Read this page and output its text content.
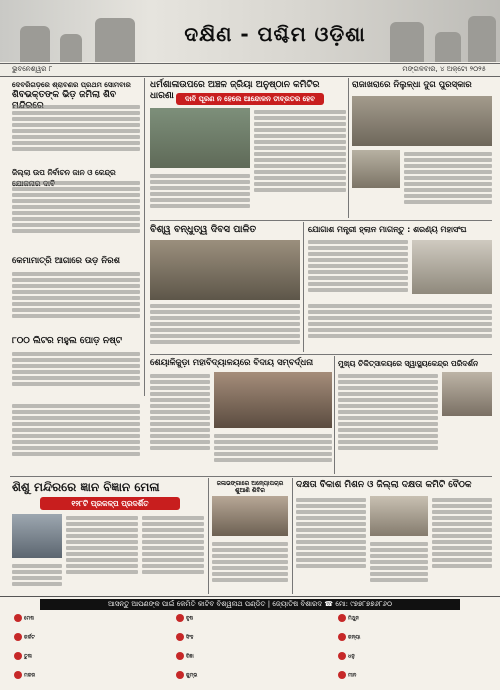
ଦକ୍ଷିଣ - ପଶ୍ଚିମ ଓଡ଼ିଶା
ଭୁବନେଶ୍ୱର ୮	ମଙ୍ଗଳବାର, ୪ ଅକ୍ଟୋ ୨୦୨୫
ଦେବରିଗଡ଼ରେ ଶ୍ରାବଣର ପ୍ରଥମ ସୋମବାର
ଶିବଭକ୍ତଙ୍କ ଭିଡ଼ ଜମିଲା ଶିବ
ଜିଲ୍ଲା ଉପ ନିର୍ବାଚନ ଜାନ ଓ କେନ୍ଦ୍ର
କେମାମାତ୍ରି ଆଗାରେ ଉଡ଼ ନିରଶ
୮୦୦ ଲିଟର ମହୁଲ ପୋଡ଼ ନଷ୍ଟ
ଧର୍ମଶାଳାଉପରେ ଅଞ୍ଚଳ ଜ୍ରିୟା ଅନୁଷ୍ଠାନ କମିଟିର ଧାରଣା	ଦାବି ପୂରଣ ନ ହେଲେ ଆନ୍ଦୋଳନ ତୀବ୍ରତର ହେବ
ରାଜାଖରାରେ ନିଲୁଳ୍ଧା ଦୁଗ ପୁରସ୍କାର
ବିଶ୍ୱ ବନ୍ଧୁତ୍ୱ ଦିବସ ପାଳିତ	ଯୋଗାଶ ମନ୍ତ୍ରୀ ହ୍ଲାନ ମାଗନ୍ତୁ : ଶରଣ୍ୟ ମହାସଂଘ
ଶେୟାଳିଜୁଡ଼ା ମହାବିଦ୍ୟାଳୟରେ ବିଦାୟ ସମ୍ବର୍ଦ୍ଧନା	ମୁଖ୍ୟ ଚିକିତ୍ସାଳୟରେ ସ୍ୱାସ୍ଥ୍ୟକେନ୍ଦ୍ର ପରିଦର୍ଶନ
ଶିଶୁ ମନ୍ଦିରରେ ଜ୍ଞାନ ବିଜ୍ଞାନ ମେଳା
୧୨୮ଟି ପ୍ରକଳ୍ପ ପ୍ରଦର୍ଶିତ
ଜଳାଭଙ୍ଗାରେ ଅନ୍ୟୋପଚାର ଶୁଆଣି ଶିବିର
ଦକ୍ଷତା ବିକାଶ ମିଶନ ଓ ଜିଲ୍ଲା ଦକ୍ଷତା କମିଟି ବୈଠକ
ଆସନ୍ତୁ ଆପଣଙ୍କ ପାଇଁ କେମିତି କାଟିବ ବିଶ୍ୱନାଥ ପଣ୍ଡିତ | ଜ୍ୟୋତିଷ ବିଶାରଦ ☎ ମୋ: ୯୭୭୮୭୭୬୮୬୦
ମେଷ	ବୃଷ	ମିଥୁନ
କର୍କଟ	ସିଂହ	କନ୍ୟା
ତୁଳା	ବିଛା	ଧନୁ
ମକର	କୁମ୍ଭ	ମୀନ
